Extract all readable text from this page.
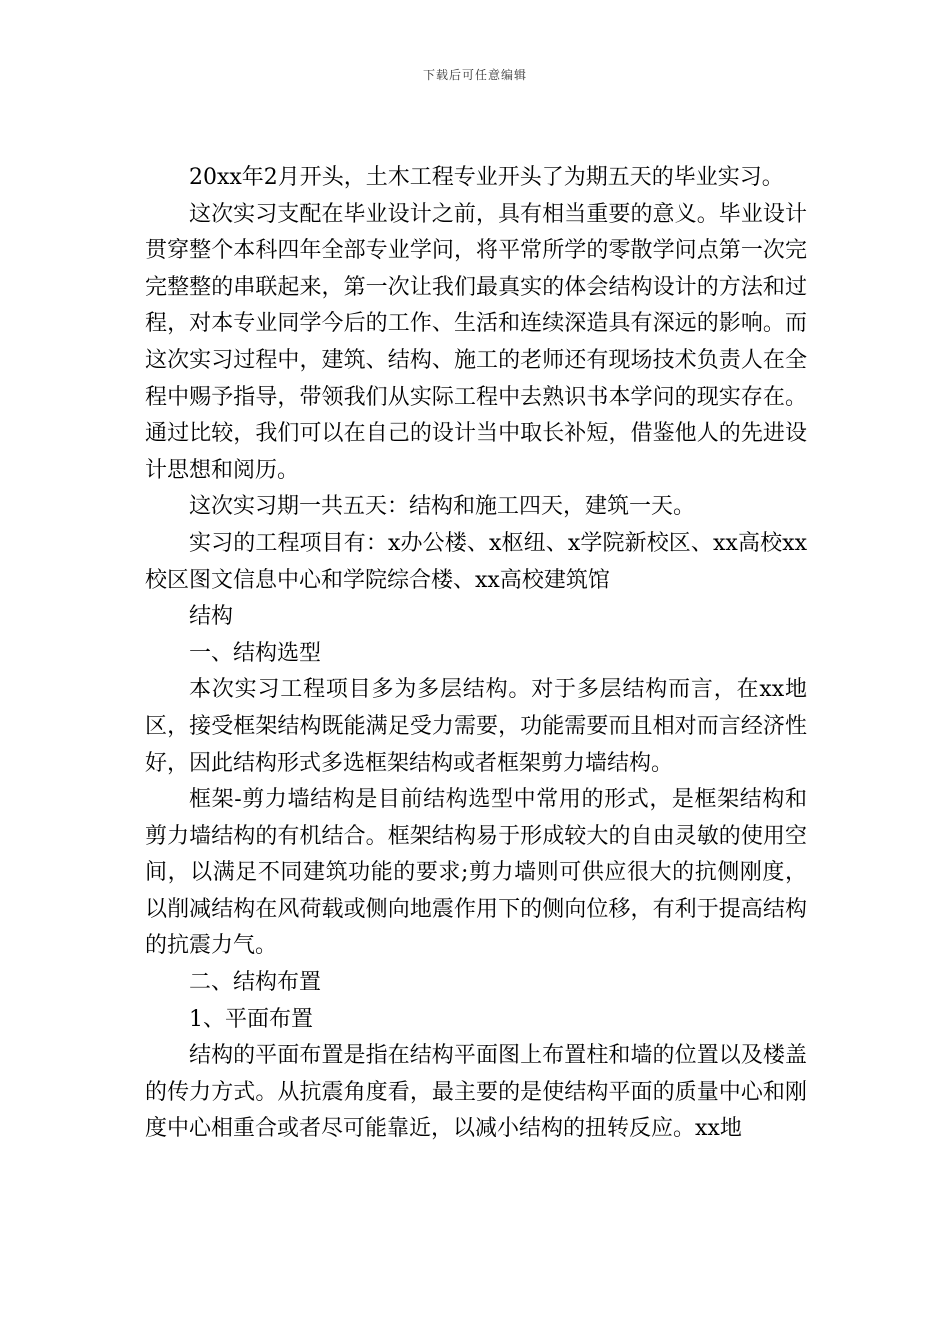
下载后可任意编辑

20xx年2月开头，土木工程专业开头了为期五天的毕业实习。

这次实习支配在毕业设计之前，具有相当重要的意义。毕业设计贯穿整个本科四年全部专业学问，将平常所学的零散学问点第一次完完整整的串联起来，第一次让我们最真实的体会结构设计的方法和过程，对本专业同学今后的工作、生活和连续深造具有深远的影响。而这次实习过程中，建筑、结构、施工的老师还有现场技术负责人在全程中赐予指导，带领我们从实际工程中去熟识书本学问的现实存在。通过比较，我们可以在自己的设计当中取长补短，借鉴他人的先进设计思想和阅历。

这次实习期一共五天：结构和施工四天，建筑一天。

实习的工程项目有：x办公楼、x枢纽、x学院新校区、xx高校xx校区图文信息中心和学院综合楼、xx高校建筑馆

结构

一、结构选型

本次实习工程项目多为多层结构。对于多层结构而言，在xx地区，接受框架结构既能满足受力需要，功能需要而且相对而言经济性好，因此结构形式多选框架结构或者框架剪力墙结构。

框架-剪力墙结构是目前结构选型中常用的形式，是框架结构和剪力墙结构的有机结合。框架结构易于形成较大的自由灵敏的使用空间，以满足不同建筑功能的要求;剪力墙则可供应很大的抗侧刚度，以削减结构在风荷载或侧向地震作用下的侧向位移，有利于提高结构的抗震力气。

二、结构布置

1、平面布置

结构的平面布置是指在结构平面图上布置柱和墙的位置以及楼盖的传力方式。从抗震角度看，最主要的是使结构平面的质量中心和刚度中心相重合或者尽可能靠近，以减小结构的扭转反应。xx地
